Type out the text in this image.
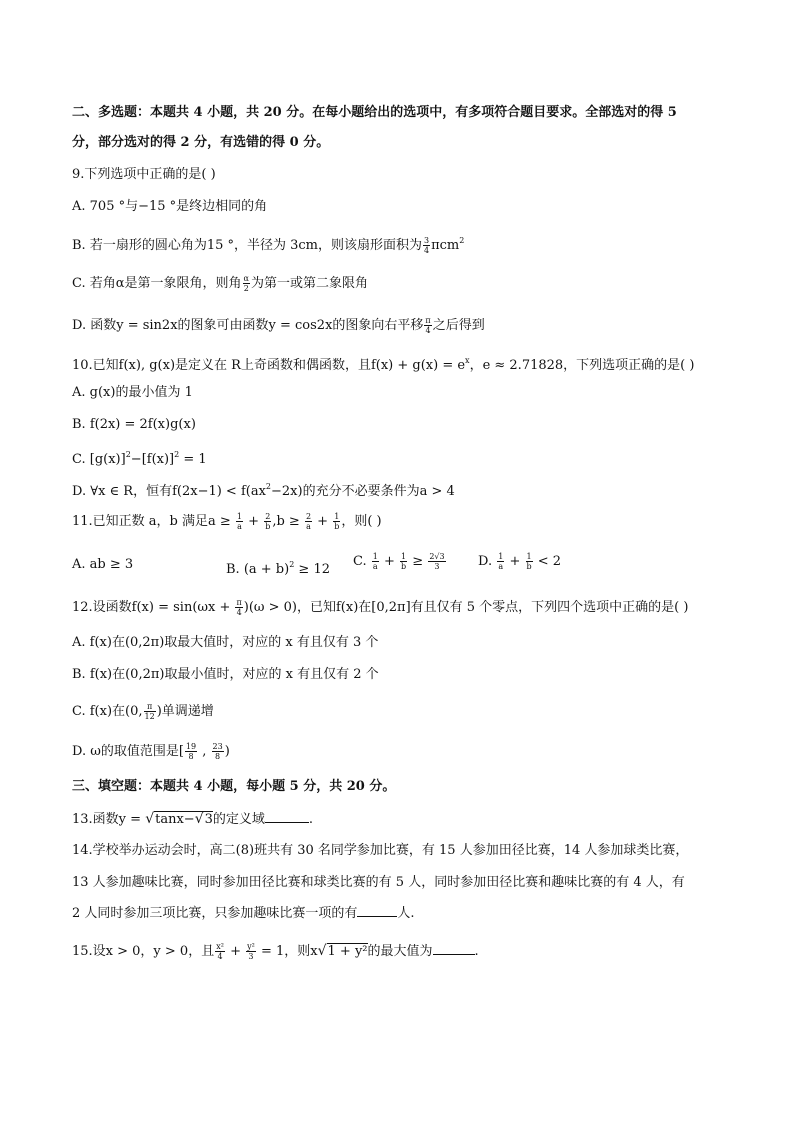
二、多选题：本题共 4 小题，共 20 分。在每小题给出的选项中，有多项符合题目要求。全部选对的得 5
分，部分选对的得 2 分，有选错的得 0 分。
9.下列选项中正确的是( )
A. 705 °与−15 °是终边相同的角
B. 若一扇形的圆心角为15 °，半径为 3cm，则该扇形面积为 $\frac{3}{4} \pi cm^2$
C. 若角α是第一象限角，则角 $\frac{\alpha}{2}$ 为第一或第二象限角
D. 函数y = sin2x的图象可由函数y = cos2x的图象向右平移 $\frac{\pi}{4}$ 之后得到
10.已知f(x), g(x)是定义在 R上奇函数和偶函数，且$f(x) + g(x) = e^x$，e ≈ 2.71828，下列选项正确的是( )
A. g(x)的最小值为 1
B. f(2x) = 2f(x)g(x)
C. $[g(x)]^2-[f(x)]^2 = 1$
D. ∀x ∈ R，恒有$f(2x-1) < f(ax^2-2x)$的充分不必要条件为a > 4
11.已知正数 a，b 满足$a \ge \frac{1}{a} + \frac{2}{b} ,b \ge \frac{2}{a} + \frac{1}{b}$ ，则( )
A. ab ≥ 3	B. $(a + b)^2 \ge 12$
C. $\frac{1}{a} + \frac{1}{b} \ge \frac{2√3}{3} D$. $\frac{1}{a} + \frac{1}{b} < 2$
12.设函数$f(x) = \sin(\omega x + \frac{\pi}{4} )(\omega > 0)$，已知f(x)在[0,2π]有且仅有 5 个零点，下列四个选项中正确的是( )
A. f(x)在(0,2π)取最大值时，对应的 x 有且仅有 3 个
B. f(x)在(0,2π)取最小值时，对应的 x 有且仅有 2 个
C. f(x)在(0, $\frac{\pi}{12}$ )单调递增
D. ω的取值范围是[ $\frac{19}{8}$ , $\frac{23}{8}$ )
三、填空题：本题共 4 小题，每小题 5 分，共 20 分。
13.函数y = √tanx−√3的定义域	.
14.学校举办运动会时，高二(8)班共有 30 名同学参加比赛，有 15 人参加田径比赛，14 人参加球类比赛，
13 人参加趣味比赛，同时参加田径比赛和球类比赛的有 5 人，同时参加田径比赛和趣味比赛的有 4 人，有
2 人同时参加三项比赛，只参加趣味比赛一项的有	人.
15.设x > 0，y > 0，且 $\frac{\text{x²}}{4} + \frac{\text{y²}}{3} = 1$，则x√1 + y²的最大值为	.
